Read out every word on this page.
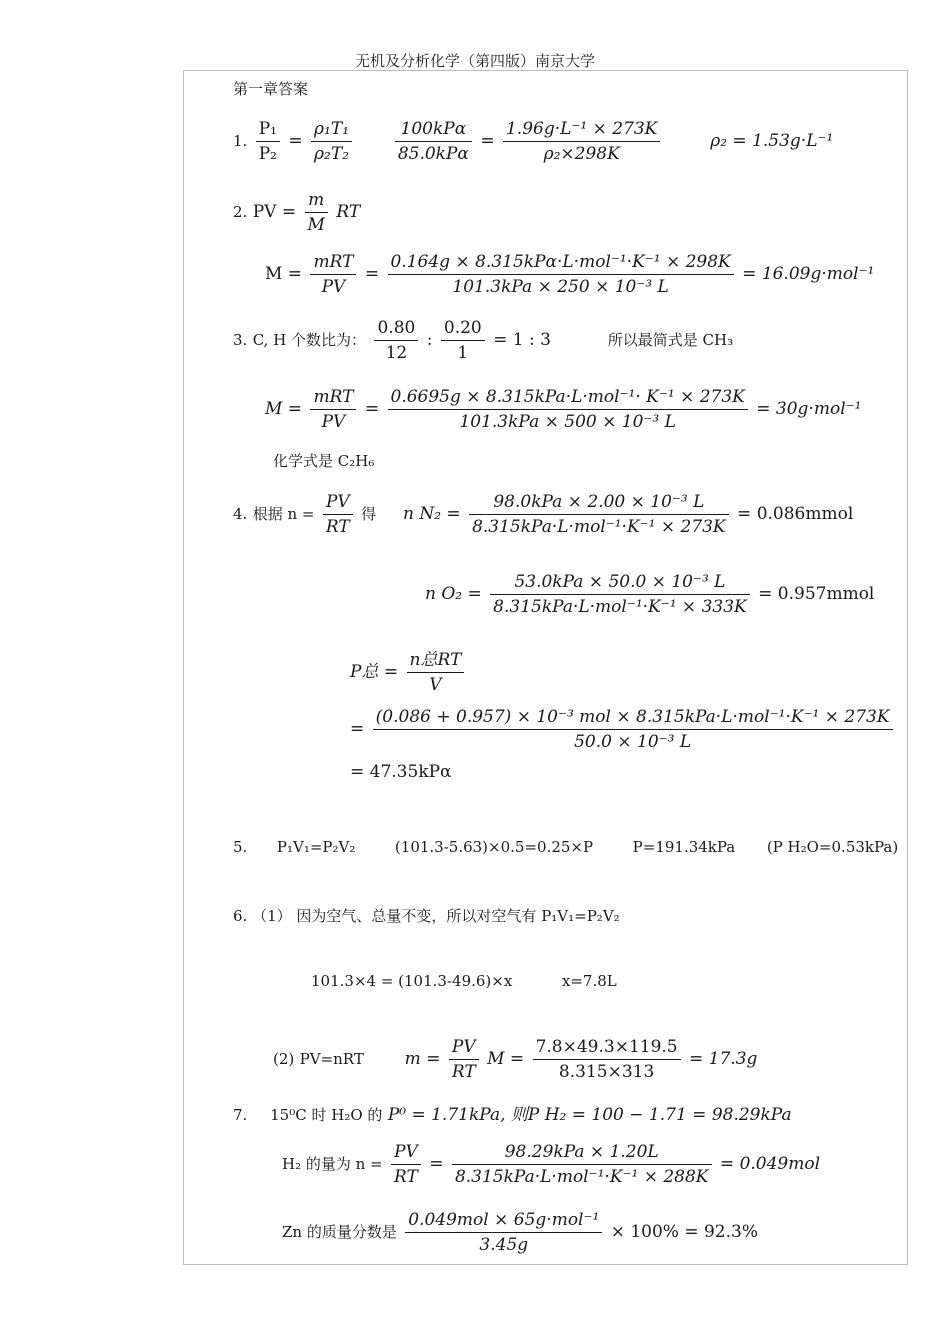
无机及分析化学（第四版）南京大学
第一章答案
1. $\frac{\text{P₁}}{\text{P₂}} = \frac{\text{ρ₁T₁}}{\text{ρ₂T₂}}$
	$\frac{\text{100kPα}}{\text{85.0kPα}} = \frac{\text{1.96g·L⁻¹ × 273K}}{\text{ρ₂×298K}}$	ρ₂ = 1.53g·L⁻¹
2. PV = $\frac{m}{M}$ RT
$M = \frac{\text{mRT}}{PV} = \frac{\text{0.164g × 8.315kPα·L·mol⁻¹·K⁻¹ × 298K}}{\text{101.3kPa × 250 × 10⁻³ L}} = 16.09g\cdot mol^{-1}$
3. C, H 个数比为： $\frac{0.80}{12}$ : $\frac{0.20}{1} = 1$ : 3	所以最简式是 CH₃
$M = \frac{\text{mRT}}{PV} = \frac{\text{0.6695g × 8.315kPa·L·mol⁻¹· K⁻¹ × 273K}}{\text{101.3kPa × 500 × 10⁻³ L}} = 30g\cdot mol^{-1}$
化学式是 C₂H₆
4. 根据 $n = \frac{PV}{RT}$ 得 n $N_2 = \frac{\text{98.0kPa × 2.00 × 10⁻³ L}}{\text{8.315kPa·L·mol⁻¹·K⁻¹ × 273K}}$ = 0.086mmol
n $O_2 = \frac{\text{53.0kPa × 50.0 × 10⁻³ L}}{\text{8.315kPa·L·mol⁻¹·K⁻¹ × 333K}}$ = 0.957mmol
P总 = $\frac{\text{n总RT}}{V}$
= $\frac{\text{(0.086 + 0.957) × 10⁻³ mol × 8.315kPa·L·mol⁻¹·K⁻¹ × 273K}}{\text{50.0 × 10⁻³ L}}$
= 47.35kPα
5. P₁V₁=P₂V₂	(101.3-5.63)×0.5=0.25×P	P=191.34kPa (P H₂O=0.53kPa)
6. （1） 因为空气、总量不变，所以对空气有 P₁V₁=P₂V₂
101.3×4 = (101.3-49.6)×x	x=7.8L
(2) PV=nRT $m = \frac{PV}{RT}$ $M = \frac{7.8\times 49.3\times 119.5}{8.315\times 313} = 17.3g$
7. 15⁰C 时 H₂O 的 P⁰ = 1.71kPa, 则P H₂ = 100 − 1.71 = 98.29kPa
H₂ 的量为 $n = \frac{PV}{RT} = \frac{\text{98.29kPa × 1.20L}}{\text{8.315kPa·L·mol⁻¹·K⁻¹ × 288K}} = 0.049mol$
Zn 的质量分数是 $\frac{\text{0.049mol × 65g·mol⁻¹}}{3.45g} \times 100\% = 92.3\%$
